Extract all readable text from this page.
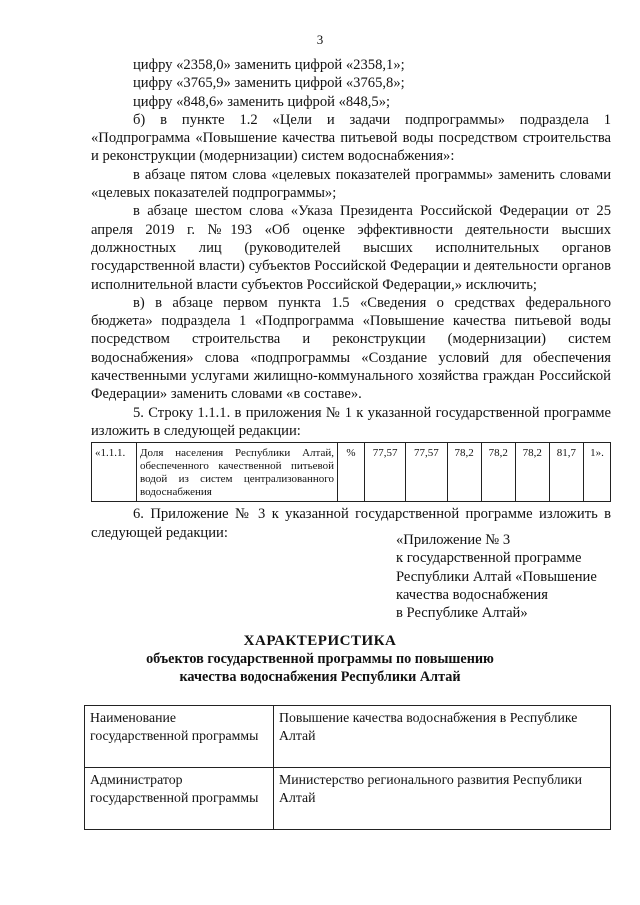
3

цифру «2358,0» заменить цифрой «2358,1»;

цифру «3765,9» заменить цифрой «3765,8»;

цифру «848,6» заменить цифрой «848,5»;

б) в пункте 1.2 «Цели и задачи подпрограммы» подраздела 1 «Подпрограмма «Повышение качества питьевой воды посредством строительства и реконструкции (модернизации) систем водоснабжения»:

в абзаце пятом слова «целевых показателей программы» заменить словами «целевых показателей подпрограммы»;

в абзаце шестом слова «Указа Президента Российской Федерации от 25 апреля 2019 г. №193 «Об оценке эффективности деятельности высших должностных лиц (руководителей высших исполнительных органов государственной власти) субъектов Российской Федерации и деятельности органов исполнительной власти субъектов Российской Федерации,» исключить;

в) в абзаце первом пункта 1.5 «Сведения о средствах федерального бюджета» подраздела 1 «Подпрограмма «Повышение качества питьевой воды посредством строительства и реконструкции (модернизации) систем водоснабжения» слова «подпрограммы «Создание условий для обеспечения качественными услугами жилищно-коммунального хозяйства граждан Российской Федерации» заменить словами «в составе».

5. Строку 1.1.1. в приложения № 1 к указанной государственной программе изложить в следующей редакции:

«1.1.1.	Доля населения Республики Алтай, обеспеченного качественной питьевой водой из систем централизованного водоснабжения	%	77,57	77,57	78,2	78,2	78,2	81,7	1».

6. Приложение № 3 к указанной государственной программе изложить в следующей редакции:	«Приложение № 3
к государственной программе
Республики Алтай «Повышение
качества водоснабжения
в Республике Алтай»
ХАРАКТЕРИСТИКА
объектов государственной программы по повышению
качества водоснабжения Республики Алтай
Наименование государственной программы	Повышение качества водоснабжения в Республике Алтай
Администратор государственной программы	Министерство регионального развития Республики Алтай
